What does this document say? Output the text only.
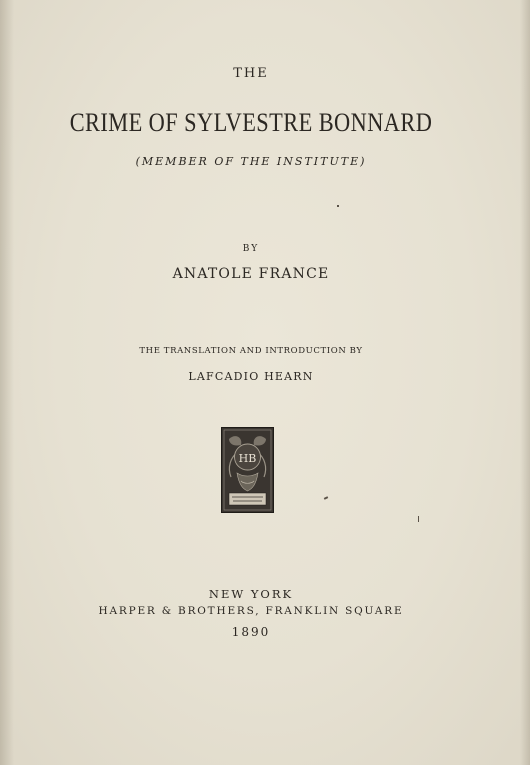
THE
CRIME OF SYLVESTRE BONNARD
(MEMBER OF THE INSTITUTE)
BY
ANATOLE FRANCE
THE TRANSLATION AND INTRODUCTION BY
LAFCADIO HEARN
HB
NEW YORK
HARPER & BROTHERS, FRANKLIN SQUARE
1890
